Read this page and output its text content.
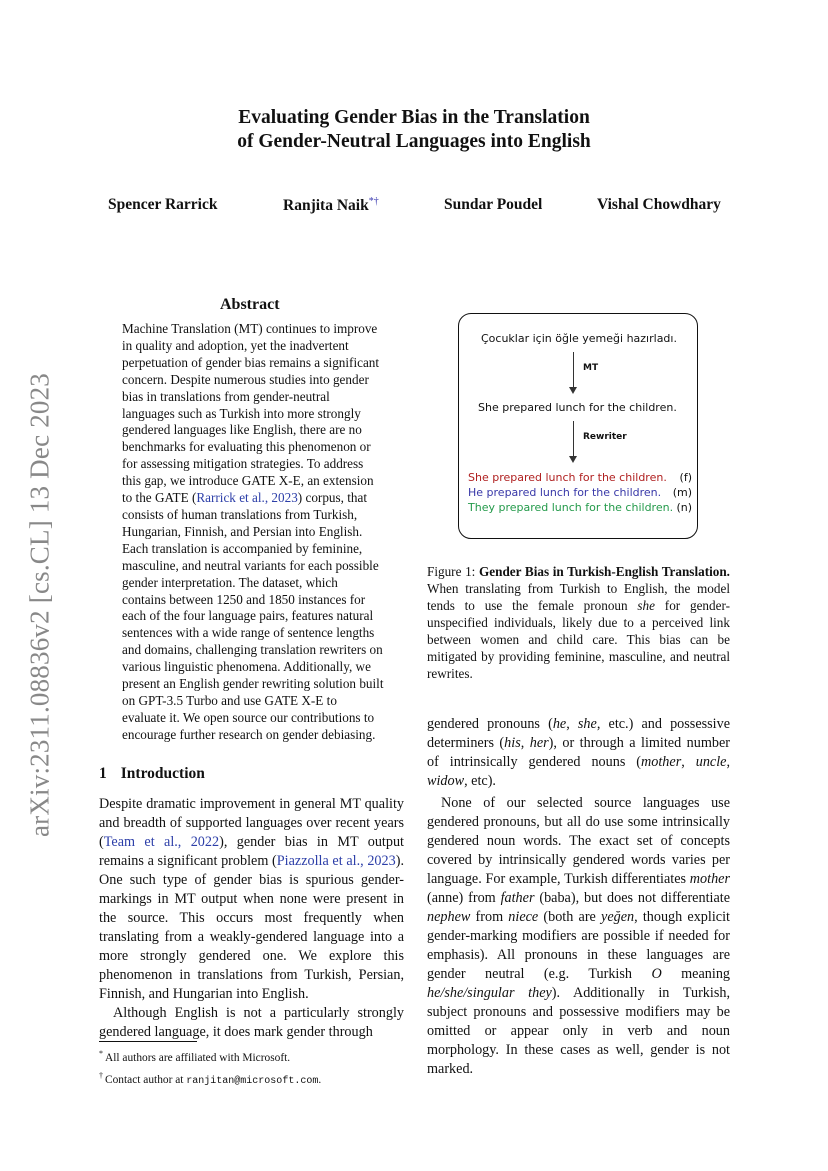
arXiv:2311.08836v2 [cs.CL] 13 Dec 2023
Evaluating Gender Bias in the Translation
of Gender-Neutral Languages into English
Spencer Rarrick	Ranjita Naik*†	Sundar Poudel	Vishal Chowdhary
Abstract

Machine Translation (MT) continues to improve in quality and adoption, yet the inadvertent perpetuation of gender bias remains a significant concern. Despite numerous studies into gender bias in translations from gender-neutral languages such as Turkish into more strongly gendered languages like English, there are no benchmarks for evaluating this phenomenon or for assessing mitigation strategies. To address this gap, we introduce GATE X-E, an extension to the GATE (Rarrick et al., 2023) corpus, that consists of human translations from Turkish, Hungarian, Finnish, and Persian into English. Each translation is accompanied by feminine, masculine, and neutral variants for each possible gender interpretation. The dataset, which contains between 1250 and 1850 instances for each of the four language pairs, features natural sentences with a wide range of sentence lengths and domains, challenging translation rewriters on various linguistic phenomena. Additionally, we present an English gender rewriting solution built on GPT-3.5 Turbo and use GATE X-E to evaluate it. We open source our contributions to encourage further research on gender debiasing.

1 Introduction

Despite dramatic improvement in general MT quality and breadth of supported languages over recent years (Team et al., 2022), gender bias in MT output remains a significant problem (Piazzolla et al., 2023). One such type of gender bias is spurious gender-markings in MT output when none were present in the source. This occurs most frequently when translating from a weakly-gendered language into a more strongly gendered one. We explore this phenomenon in translations from Turkish, Persian, Finnish, and Hungarian into English.

Although English is not a particularly strongly gendered language, it does mark gender through

* All authors are affiliated with Microsoft.
† Contact author at ranjitan@microsoft.com.
Çocuklar için öğle yemeği hazırladı.
MT
She prepared lunch for the children.
Rewriter
She prepared lunch for the children. (f)
He prepared lunch for the children. (m)
They prepared lunch for the children. (n)

Figure 1: Gender Bias in Turkish-English Translation. When translating from Turkish to English, the model tends to use the female pronoun she for gender-unspecified individuals, likely due to a perceived link between women and child care. This bias can be mitigated by providing feminine, masculine, and neutral rewrites.

gendered pronouns (he, she, etc.) and possessive determiners (his, her), or through a limited number of intrinsically gendered nouns (mother, uncle, widow, etc).

None of our selected source languages use gendered pronouns, but all do use some intrinsically gendered noun words. The exact set of concepts covered by intrinsically gendered words varies per language. For example, Turkish differentiates mother (anne) from father (baba), but does not differentiate nephew from niece (both are yeğen, though explicit gender-marking modifiers are possible if needed for emphasis). All pronouns in these languages are gender neutral (e.g. Turkish O meaning he/she/singular they). Additionally in Turkish, subject pronouns and possessive modifiers may be omitted or appear only in verb and noun morphology. In these cases as well, gender is not marked.
